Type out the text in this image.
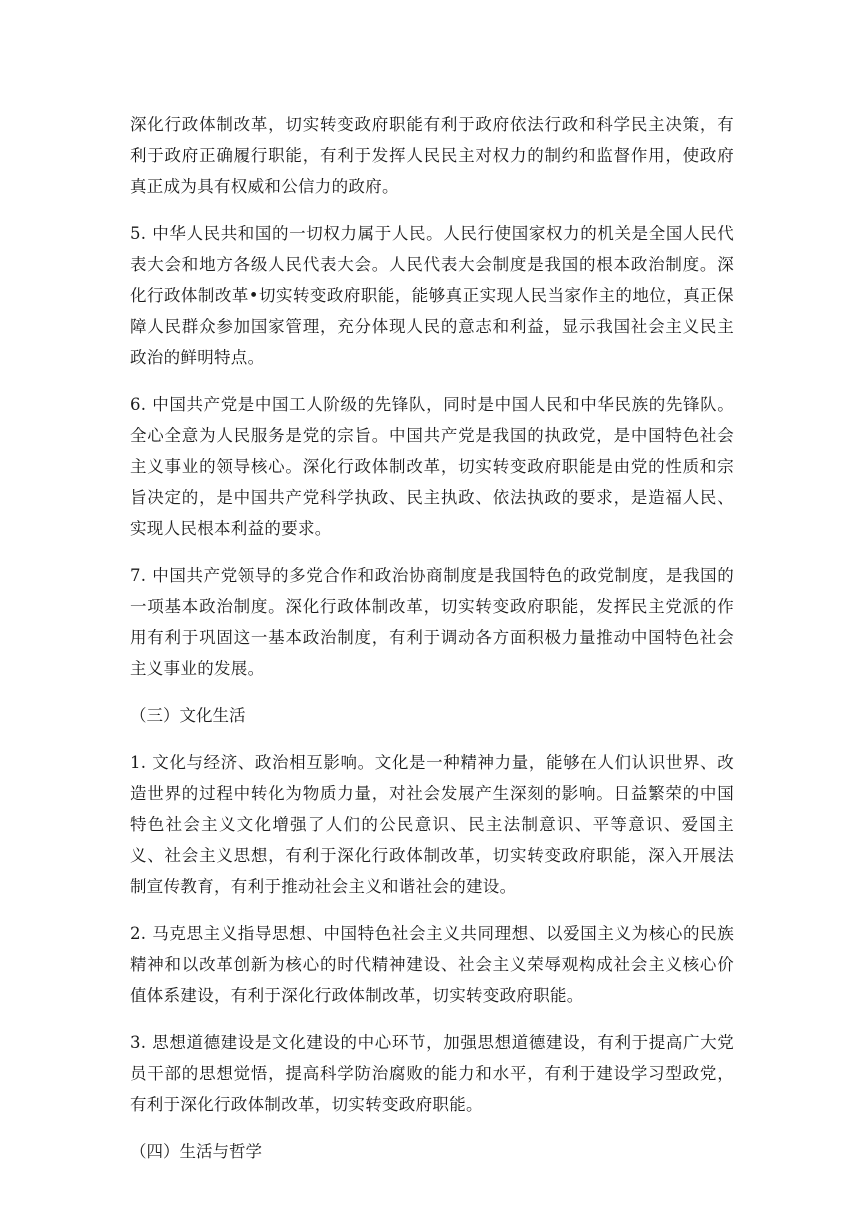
深化行政体制改革，切实转变政府职能有利于政府依法行政和科学民主决策，有利于政府正确履行职能，有利于发挥人民民主对权力的制约和监督作用，使政府真正成为具有权威和公信力的政府。

5. 中华人民共和国的一切权力属于人民。人民行使国家权力的机关是全国人民代表大会和地方各级人民代表大会。人民代表大会制度是我国的根本政治制度。深化行政体制改革•切实转变政府职能，能够真正实现人民当家作主的地位，真正保障人民群众参加国家管理，充分体现人民的意志和利益，显示我国社会主义民主政治的鲜明特点。

6. 中国共产党是中国工人阶级的先锋队，同时是中国人民和中华民族的先锋队。全心全意为人民服务是党的宗旨。中国共产党是我国的执政党，是中国特色社会主义事业的领导核心。深化行政体制改革，切实转变政府职能是由党的性质和宗旨决定的，是中国共产党科学执政、民主执政、依法执政的要求，是造福人民、实现人民根本利益的要求。

7. 中国共产党领导的多党合作和政治协商制度是我国特色的政党制度，是我国的一项基本政治制度。深化行政体制改革，切实转变政府职能，发挥民主党派的作用有利于巩固这一基本政治制度，有利于调动各方面积极力量推动中国特色社会主义事业的发展。

（三）文化生活

1. 文化与经济、政治相互影响。文化是一种精神力量，能够在人们认识世界、改造世界的过程中转化为物质力量，对社会发展产生深刻的影响。日益繁荣的中国特色社会主义文化增强了人们的公民意识、民主法制意识、平等意识、爱国主义、社会主义思想，有利于深化行政体制改革，切实转变政府职能，深入开展法制宣传教育，有利于推动社会主义和谐社会的建设。

2. 马克思主义指导思想、中国特色社会主义共同理想、以爱国主义为核心的民族精神和以改革创新为核心的时代精神建设、社会主义荣辱观构成社会主义核心价值体系建设，有利于深化行政体制改革，切实转变政府职能。

3. 思想道德建设是文化建设的中心环节，加强思想道德建设，有利于提高广大党员干部的思想觉悟，提高科学防治腐败的能力和水平，有利于建设学习型政党，有利于深化行政体制改革，切实转变政府职能。

（四）生活与哲学
